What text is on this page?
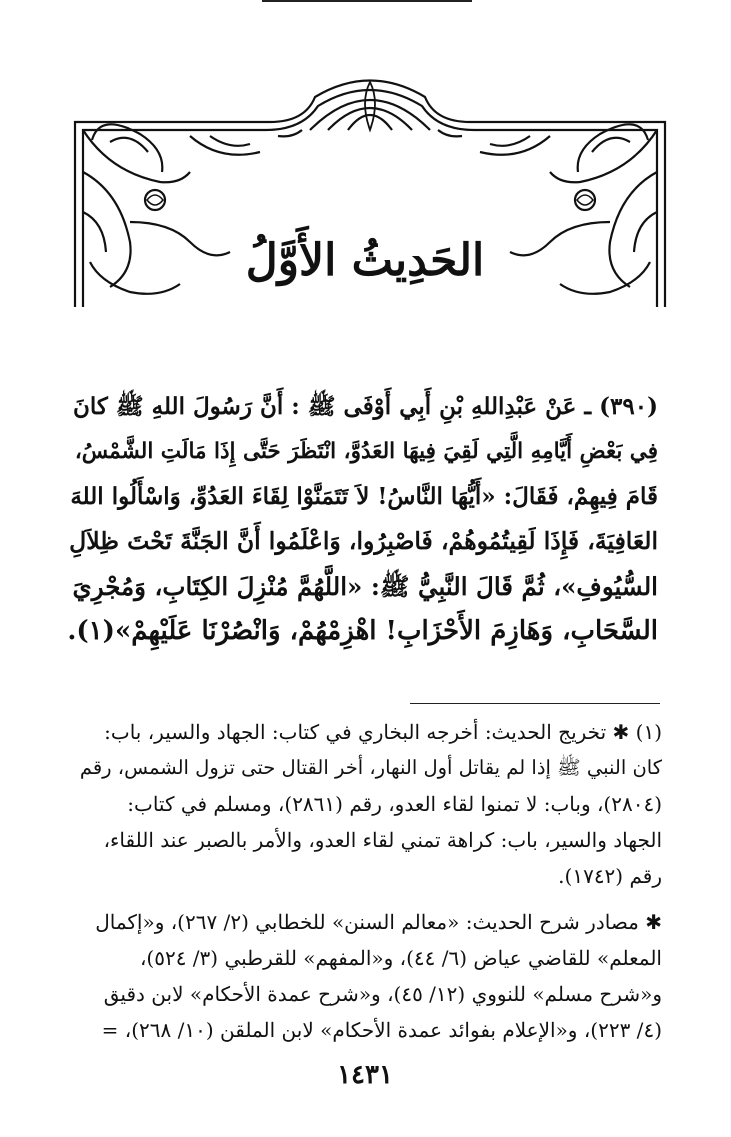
الحَدِيثُ الأَوَّلُ

(٣٩٠) ـ عَنْ عَبْدِاللهِ بْنِ أَبِي أَوْفَى ﷺ : أَنَّ رَسُولَ اللهِ ﷺ كانَ

فِي بَعْضِ أَيَّامِهِ الَّتِي لَقِيَ فِيهَا العَدُوَّ، انْتَظَرَ حَتَّى إِذَا مَالَتِ الشَّمْسُ،

قَامَ فِيهِمْ، فَقَالَ: «أَيُّهَا النَّاسُ! لاَ تَتَمَنَّوْا لِقَاءَ العَدُوِّ، وَاسْأَلُوا اللهَ

العَافِيَةَ، فَإِذَا لَقِيتُمُوهُمْ، فَاصْبِرُوا، وَاعْلَمُوا أَنَّ الجَنَّةَ تَحْتَ ظِلاَلِ

السُّيُوفِ»، ثُمَّ قَالَ النَّبِيُّ ﷺ: «اللَّهُمَّ مُنْزِلَ الكِتَابِ، وَمُجْرِيَ

السَّحَابِ، وَهَازِمَ الأَحْزَابِ! اهْزِمْهُمْ، وَانْصُرْنَا عَلَيْهِمْ»(١).

(١) ✱ تخريج الحديث: أخرجه البخاري في كتاب: الجهاد والسير، باب:

كان النبي ﷺ إذا لم يقاتل أول النهار، أخر القتال حتى تزول الشمس، رقم

(٢٨٠٤)، وباب: لا تمنوا لقاء العدو، رقم (٢٨٦١)، ومسلم في كتاب:

الجهاد والسير، باب: كراهة تمني لقاء العدو، والأمر بالصبر عند اللقاء،

رقم (١٧٤٢).

✱ مصادر شرح الحديث: «معالم السنن» للخطابي (٢/ ٢٦٧)، و«إكمال

المعلم» للقاضي عياض (٦/ ٤٤)، و«المفهم» للقرطبي (٣/ ٥٢٤)،

و«شرح مسلم» للنووي (١٢/ ٤٥)، و«شرح عمدة الأحكام» لابن دقيق

(٤/ ٢٢٣)، و«الإعلام بفوائد عمدة الأحكام» لابن الملقن (١٠/ ٢٦٨)، =

١٤٣١
